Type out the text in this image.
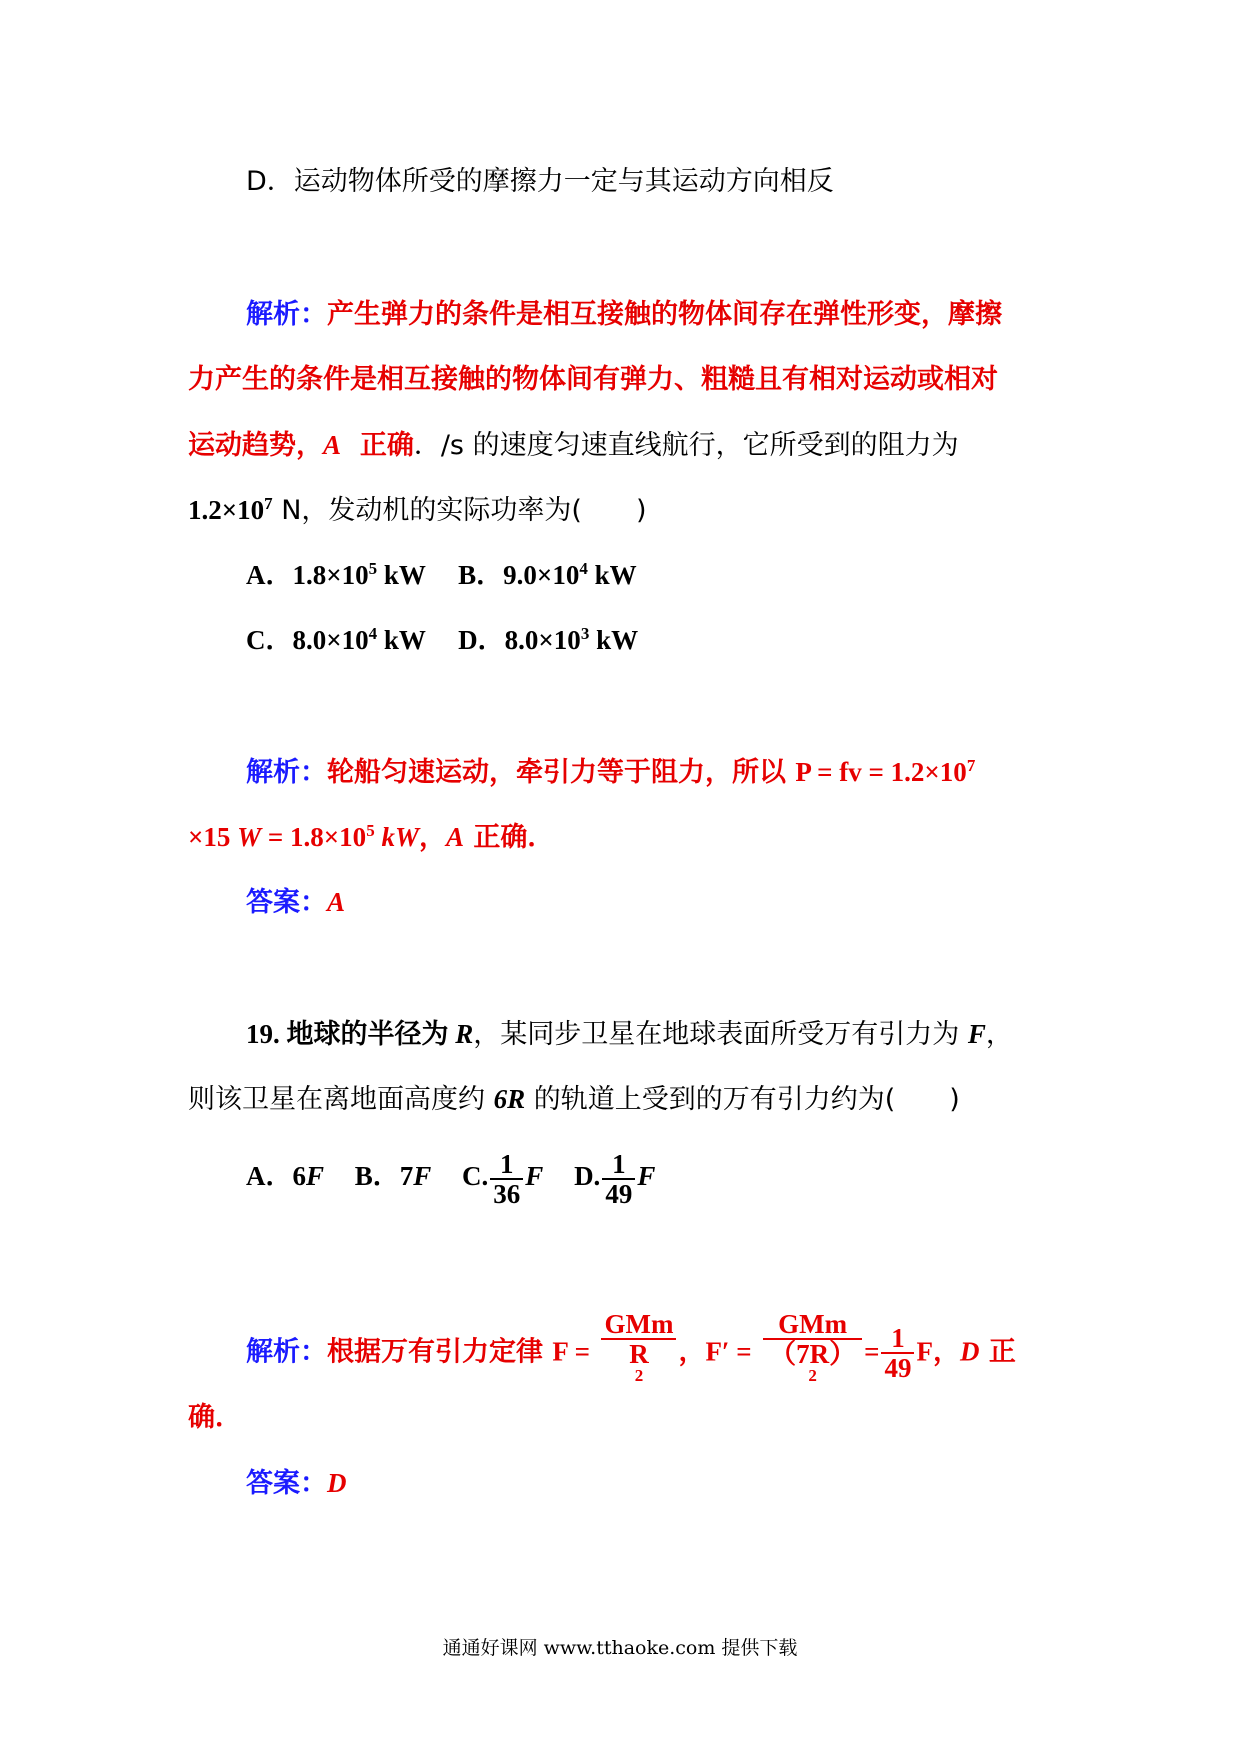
D．运动物体所受的摩擦力一定与其运动方向相反
解析：产生弹力的条件是相互接触的物体间存在弹性形变，摩擦
力产生的条件是相互接触的物体间有弹力、粗糙且有相对运动或相对
运动趋势，A 正确．/s 的速度匀速直线航行，它所受到的阻力为
$1.2\times 10^7$ N，发动机的实际功率为(　　)
A．$1.8\times 10^5$ kW B．$9.0\times 10^4$ kW
C．$8.0\times 10^4$ kW D．$8.0\times 10^3$ kW
解析：轮船匀速运动，牵引力等于阻力，所以 P = fv = $1.2\times 10^7$
×15 $W = 1.8\times 10^5$ kW，A 正确．
答案：A
19. 地球的半径为 R，某同步卫星在地球表面所受万有引力为 F，
则该卫星在离地面高度约 6R 的轨道上受到的万有引力约为(　　)
A．6F B．7F C. $\frac{1}{36}$ F D. $\frac{1}{49}$ F
解析：根据万有引力定律 F = GMm
R
$^2$ ，F′ = GMm
（7R）
$^2 = \frac{1}{49}$ F，D 正
确．
答案：D
通通好课网 www.tthaoke.com 提供下载
